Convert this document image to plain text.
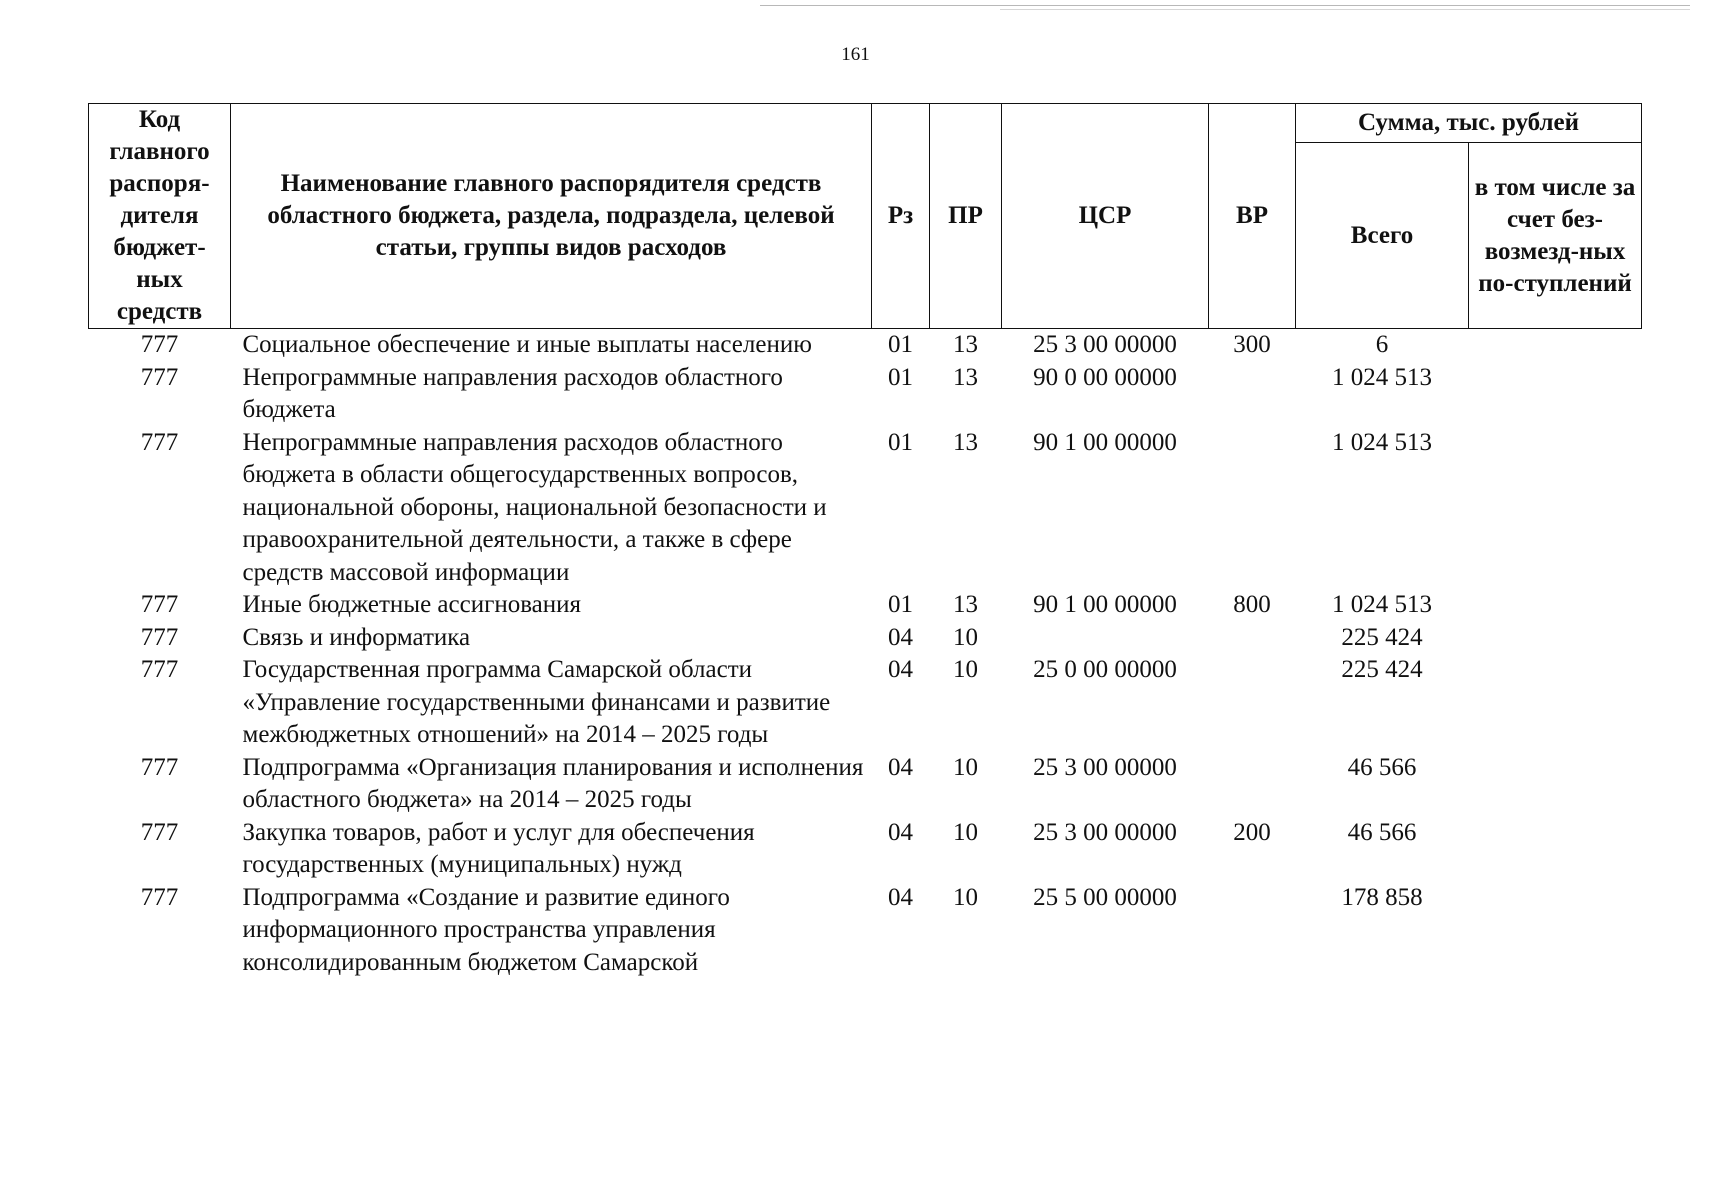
161
Код главного распоря-дителя бюджет-ных средств	Наименование главного распорядителя средств областного бюджета, раздела, подраздела, целевой статьи, группы видов расходов	Рз	ПР	ЦСР	ВР	Сумма, тыс. рублей	
						Всего	в том числе за счет без-возмезд-ных по-ступлений
777	Социальное обеспечение и иные выплаты населению	01	13	25 3 00 00000	300	6	
777	Непрограммные направления расходов областного бюджета	01	13	90 0 00 00000		1 024 513	
777	Непрограммные направления расходов областного бюджета в области общегосударственных вопросов, национальной обороны, национальной безопасности и правоохранительной деятельности, а также в сфере средств массовой информации	01	13	90 1 00 00000		1 024 513	
777	Иные бюджетные ассигнования	01	13	90 1 00 00000	800	1 024 513	
777	Связь и информатика	04	10			225 424	
777	Государственная программа Самарской области «Управление государственными финансами и развитие межбюджетных отношений» на 2014 – 2025 годы	04	10	25 0 00 00000		225 424	
777	Подпрограмма «Организация планирования и исполнения областного бюджета» на 2014 – 2025 годы	04	10	25 3 00 00000		46 566	
777	Закупка товаров, работ и услуг для обеспечения государственных (муниципальных) нужд	04	10	25 3 00 00000	200	46 566	
777	Подпрограмма «Создание и развитие единого информационного пространства управления консолидированным бюджетом Самарской	04	10	25 5 00 00000		178 858	
